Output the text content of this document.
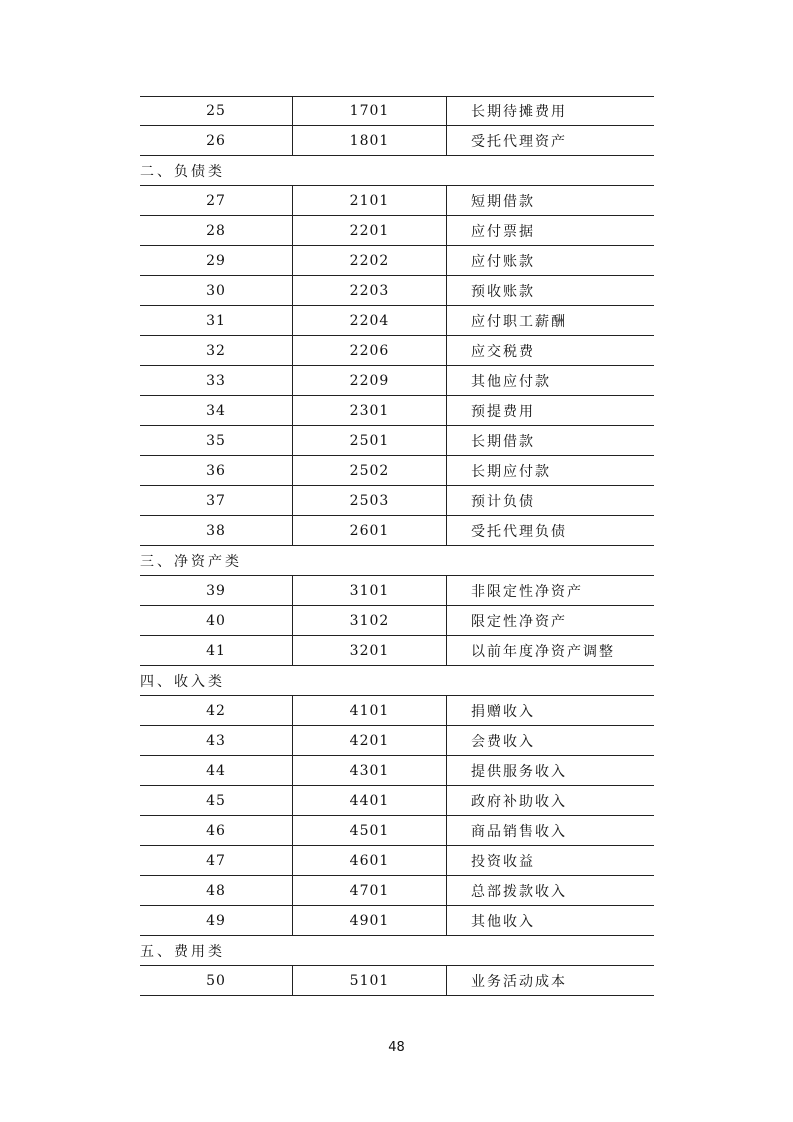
25	1701	长期待摊费用
26	1801	受托代理资产
二、负债类
27	2101	短期借款
28	2201	应付票据
29	2202	应付账款
30	2203	预收账款
31	2204	应付职工薪酬
32	2206	应交税费
33	2209	其他应付款
34	2301	预提费用
35	2501	长期借款
36	2502	长期应付款
37	2503	预计负债
38	2601	受托代理负债
三、净资产类
39	3101	非限定性净资产
40	3102	限定性净资产
41	3201	以前年度净资产调整
四、收入类
42	4101	捐赠收入
43	4201	会费收入
44	4301	提供服务收入
45	4401	政府补助收入
46	4501	商品销售收入
47	4601	投资收益
48	4701	总部拨款收入
49	4901	其他收入
五、费用类
50	5101	业务活动成本
48
